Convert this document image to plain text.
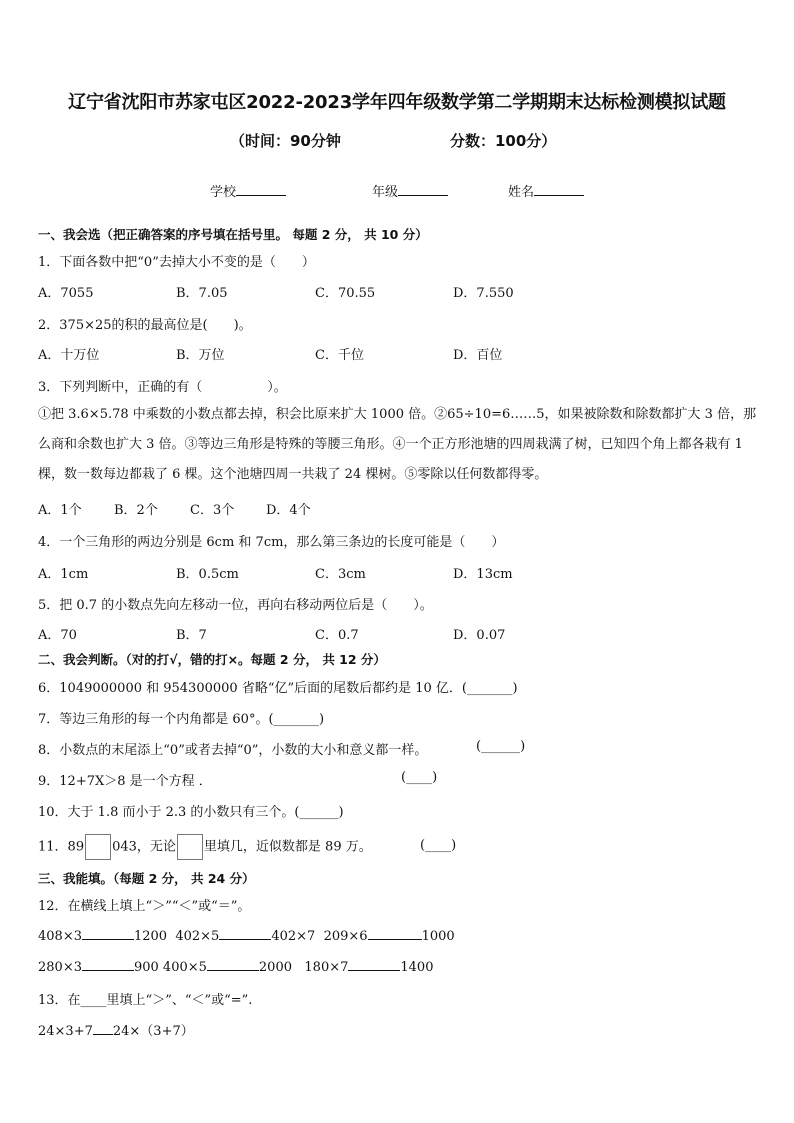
辽宁省沈阳市苏家屯区2022-2023学年四年级数学第二学期期末达标检测模拟试题
（时间：90分钟	分数：100分）
学校	年级	姓名
一、我会选（把正确答案的序号填在括号里。 每题 2 分， 共 10 分）
1．下面各数中把“0”去掉大小不变的是（　　）
A．7055	B．7.05	C．70.55	D．7.550
2．375×25的积的最高位是(　　)。
A．十万位	B．万位	C．千位	D．百位
3．下列判断中，正确的有（　　　　　）。
①把 3.6×5.78 中乘数的小数点都去掉，积会比原来扩大 1000 倍。②65÷10=6……5，如果被除数和除数都扩大 3 倍，那么商和余数也扩大 3 倍。③等边三角形是特殊的等腰三角形。④一个正方形池塘的四周栽满了树，已知四个角上都各栽有 1 棵，数一数每边都栽了 6 棵。这个池塘四周一共栽了 24 棵树。⑤零除以任何数都得零。
A．1个 B．2个 C．3个 D．4个
4．一个三角形的两边分别是 6cm 和 7cm，那么第三条边的长度可能是（　　）
A．1cm	B．0.5cm	C．3cm	D．13cm
5．把 0.7 的小数点先向左移动一位，再向右移动两位后是（　　）。
A．70	B．7	C．0.7	D．0.07
二、我会判断。（对的打√，错的打×。每题 2 分， 共 12 分）
6．1049000000 和 954300000 省略“亿”后面的尾数后都约是 10 亿．(_______)
7．等边三角形的每一个内角都是 60°。(_______)
8．小数点的末尾添上“0”或者去掉“0”，小数的大小和意义都一样。	(______)
9．12+7X＞8 是一个方程 ．	(____)
10．大于 1.8 而小于 2.3 的小数只有三个。(______)
11．89 043，无论 里填几，近似数都是 89 万。	(____)
三、我能填。（每题 2 分， 共 24 分）
12．在横线上填上“＞”“＜”或“＝”。
408×3	1200 402×5	402×7 209×6	1000
280×3	900 400×5	2000 180×7	1400
13．在____里填上“＞”、“＜”或“=”.
24×3+7 24×（3+7）
